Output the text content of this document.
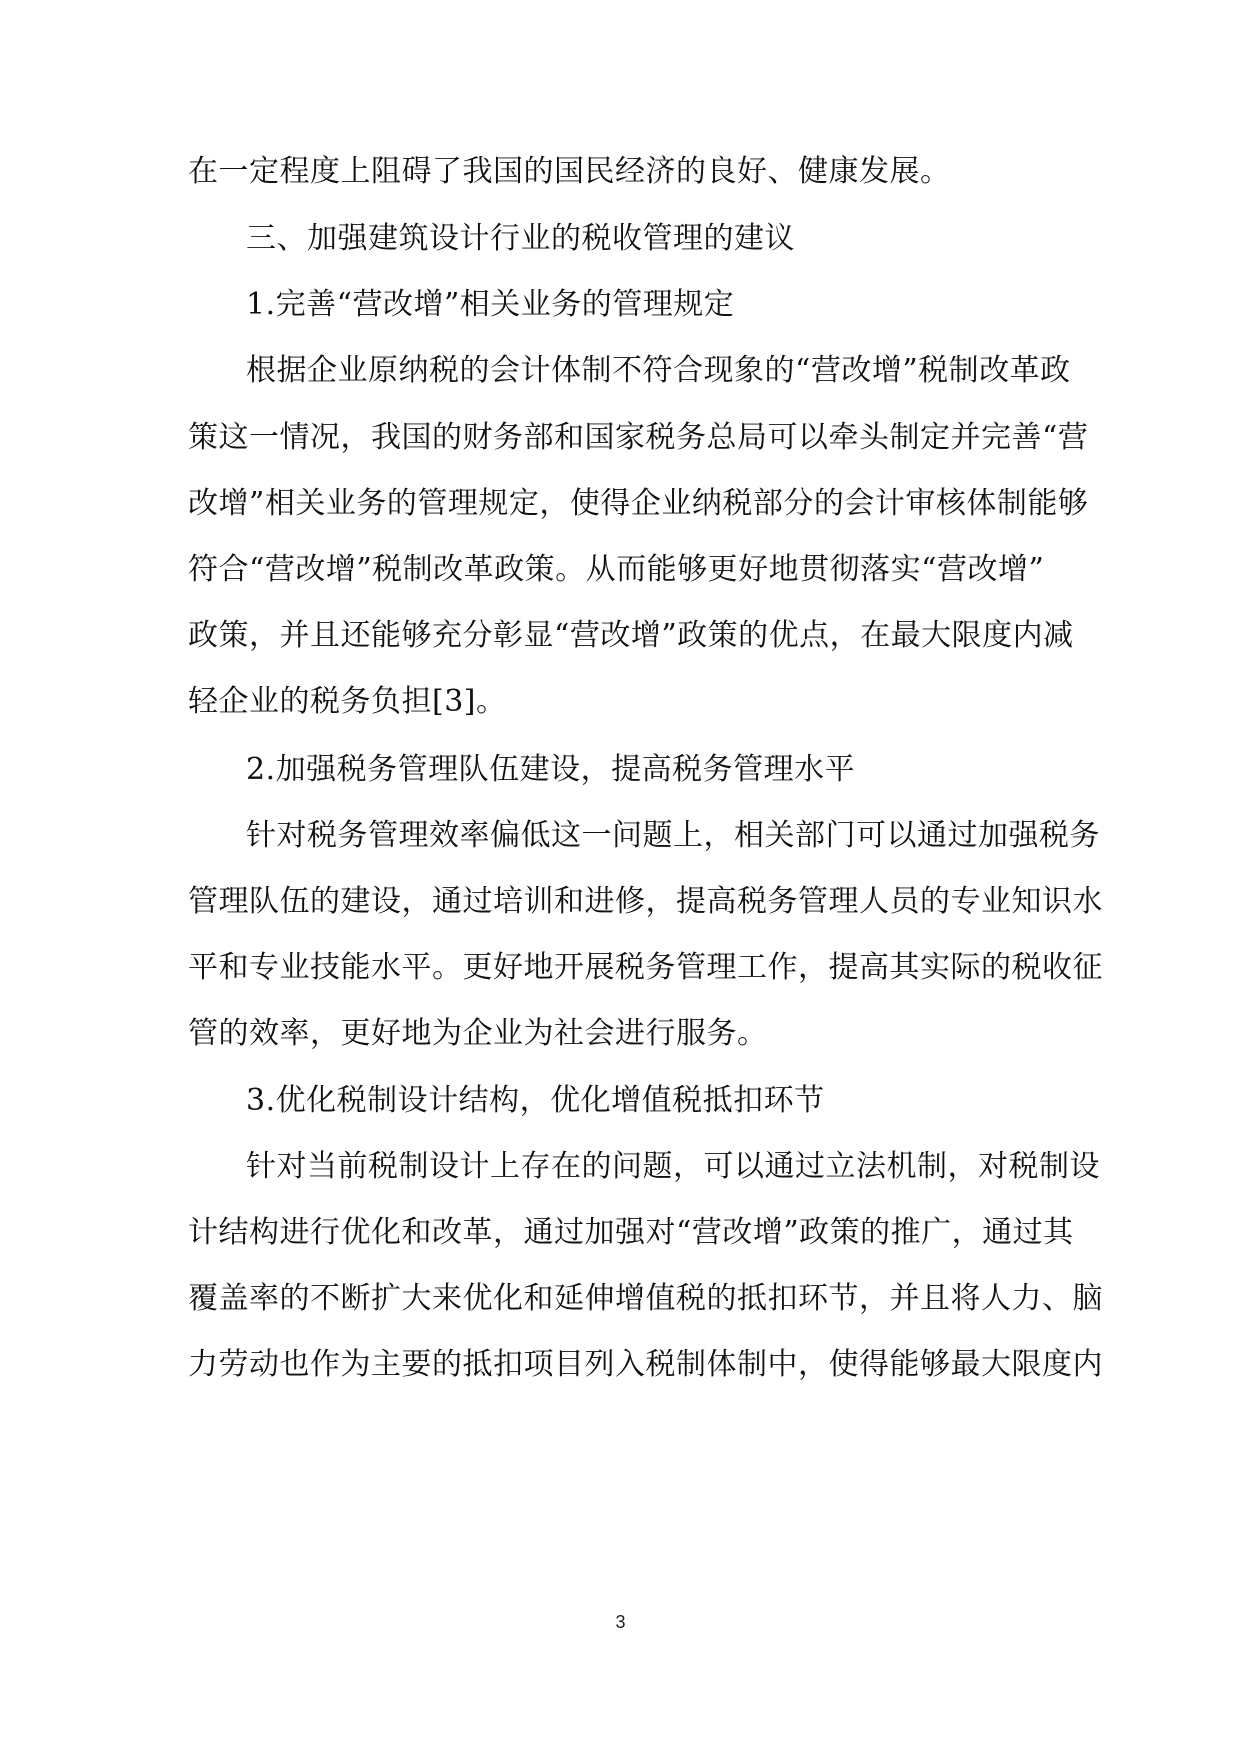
在一定程度上阻碍了我国的国民经济的良好、健康发展。
三、加强建筑设计行业的税收管理的建议
1.完善“营改增”相关业务的管理规定
根据企业原纳税的会计体制不符合现象的“营改增”税制改革政
策这一情况，我国的财务部和国家税务总局可以牵头制定并完善“营
改增”相关业务的管理规定，使得企业纳税部分的会计审核体制能够
符合“营改增”税制改革政策。从而能够更好地贯彻落实“营改增”
政策，并且还能够充分彰显“营改增”政策的优点，在最大限度内减
轻企业的税务负担[3]。
2.加强税务管理队伍建设，提高税务管理水平
针对税务管理效率偏低这一问题上，相关部门可以通过加强税务
管理队伍的建设，通过培训和进修，提高税务管理人员的专业知识水
平和专业技能水平。更好地开展税务管理工作，提高其实际的税收征
管的效率，更好地为企业为社会进行服务。
3.优化税制设计结构，优化增值税抵扣环节
针对当前税制设计上存在的问题，可以通过立法机制，对税制设
计结构进行优化和改革，通过加强对“营改增”政策的推广，通过其
覆盖率的不断扩大来优化和延伸增值税的抵扣环节，并且将人力、脑
力劳动也作为主要的抵扣项目列入税制体制中，使得能够最大限度内
3
